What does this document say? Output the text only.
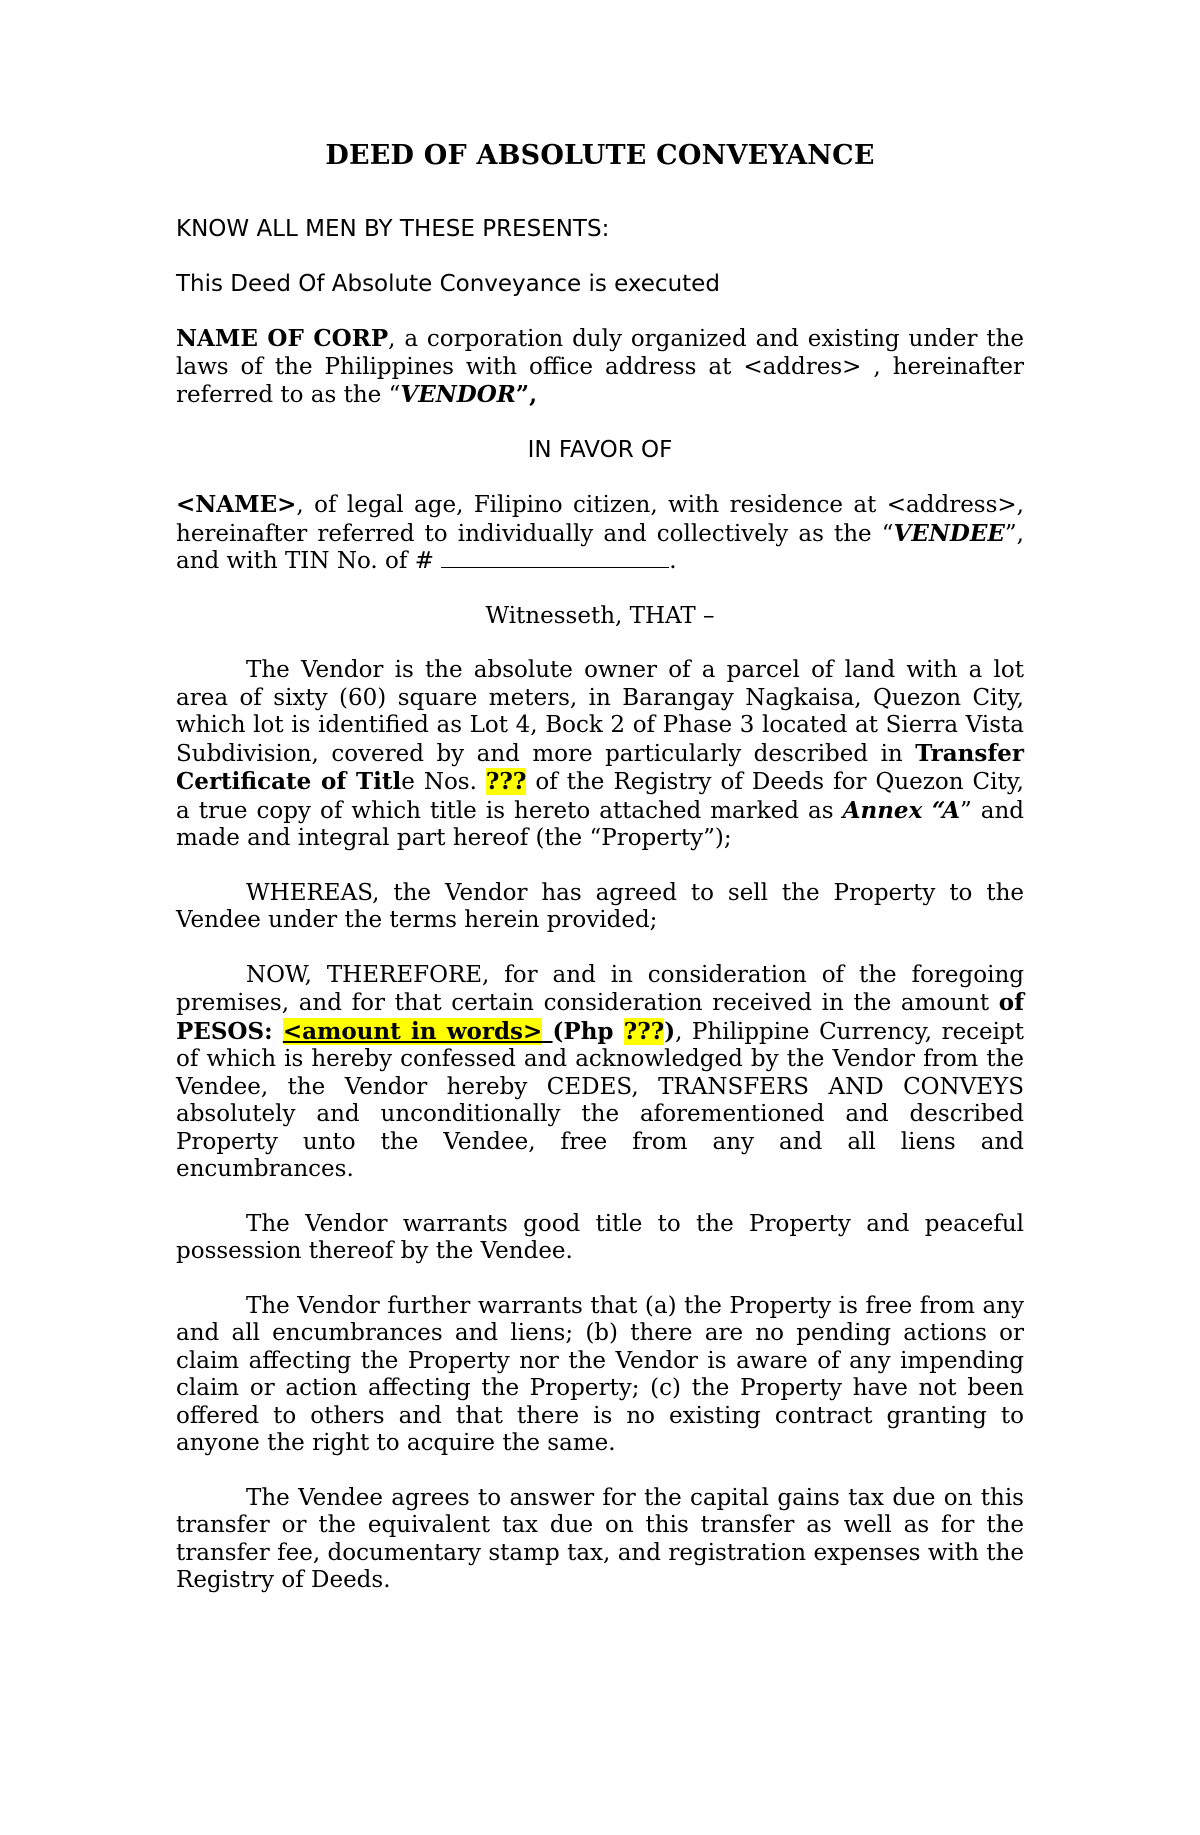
DEED OF ABSOLUTE CONVEYANCE

KNOW ALL MEN BY THESE PRESENTS:

This Deed Of Absolute Conveyance is executed

NAME OF CORP, a corporation duly organized and existing under the laws of the Philippines with office address at <addres> , hereinafter referred to as the “VENDOR”,

IN FAVOR OF

<NAME>, of legal age, Filipino citizen, with residence at <address>, hereinafter referred to individually and collectively as the “VENDEE”, and with TIN No. of #	.

Witnesseth, THAT –

The Vendor is the absolute owner of a parcel of land with a lot area of sixty (60) square meters, in Barangay Nagkaisa, Quezon City, which lot is identified as Lot 4, Bock 2 of Phase 3 located at Sierra Vista Subdivision, covered by and more particularly described in Transfer Certificate of Title Nos. ??? of the Registry of Deeds for Quezon City, a true copy of which title is hereto attached marked as Annex “A” and made and integral part hereof (the “Property”);

WHEREAS, the Vendor has agreed to sell the Property to the Vendee under the terms herein provided;

NOW, THEREFORE, for and in consideration of the foregoing premises, and for that certain consideration received in the amount of PESOS: <amount in words> (Php ???), Philippine Currency, receipt of which is hereby confessed and acknowledged by the Vendor from the Vendee, the Vendor hereby CEDES, TRANSFERS AND CONVEYS absolutely and unconditionally the aforementioned and described Property unto the Vendee, free from any and all liens and encumbrances.

The Vendor warrants good title to the Property and peaceful possession thereof by the Vendee.

The Vendor further warrants that (a) the Property is free from any and all encumbrances and liens; (b) there are no pending actions or claim affecting the Property nor the Vendor is aware of any impending claim or action affecting the Property; (c) the Property have not been offered to others and that there is no existing contract granting to anyone the right to acquire the same.

The Vendee agrees to answer for the capital gains tax due on this transfer or the equivalent tax due on this transfer as well as for the transfer fee, documentary stamp tax, and registration expenses with the Registry of Deeds.
